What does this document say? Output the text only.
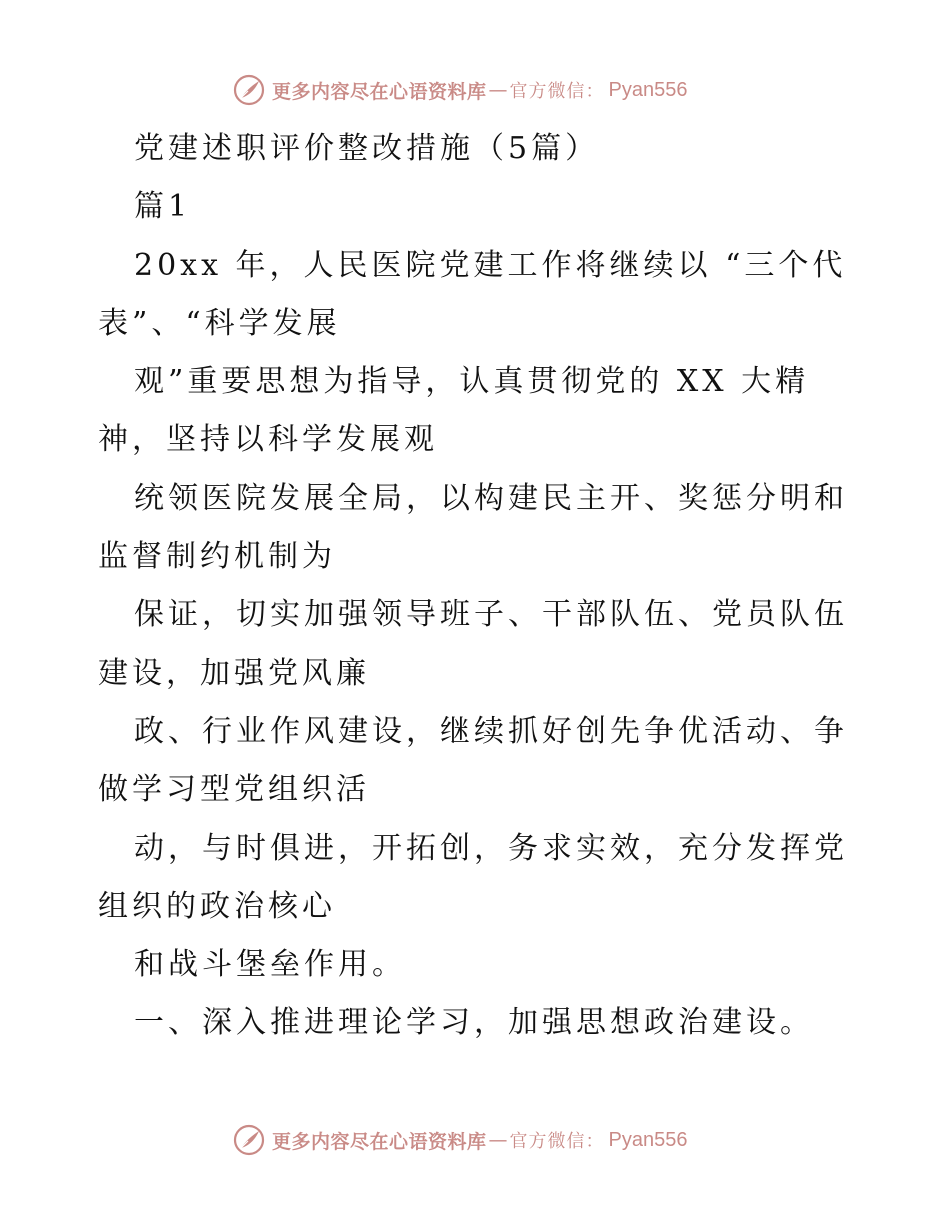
更多内容尽在心语资料库 — 官方微信： Pyan556
党建述职评价整改措施（5篇）
篇1
20xx 年，人民医院党建工作将继续以 “三个代
表”、“科学发展
观”重要思想为指导，认真贯彻党的 XX 大精
神，坚持以科学发展观
统领医院发展全局，以构建民主开、奖惩分明和
监督制约机制为
保证，切实加强领导班子、干部队伍、党员队伍
建设，加强党风廉
政、行业作风建设，继续抓好创先争优活动、争
做学习型党组织活
动，与时俱进，开拓创，务求实效，充分发挥党
组织的政治核心
和战斗堡垒作用。
一、深入推进理论学习，加强思想政治建设。
更多内容尽在心语资料库 — 官方微信： Pyan556
